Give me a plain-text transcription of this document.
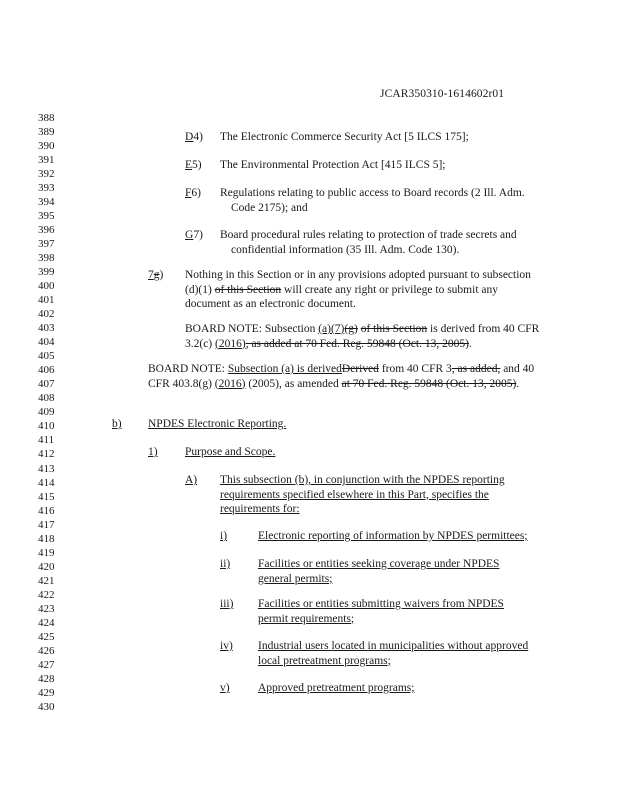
JCAR350310-1614602r01
388
389
390
391
392
393
394
395
396
397
398
399
400
401
402
403
404
405
406
407
408
409
410
411
412
413
414
415
416
417
418
419
420
421
422
423
424
425
426
427
428
429
430
D4) The Electronic Commerce Security Act [5 ILCS 175];
E5) The Environmental Protection Act [415 ILCS 5];
F6) Regulations relating to public access to Board records (2 Ill. Adm. Code 2175); and
G7) Board procedural rules relating to protection of trade secrets and confidential information (35 Ill. Adm. Code 130).
7g) Nothing in this Section or in any provisions adopted pursuant to subsection (d)(1) of this Section will create any right or privilege to submit any document as an electronic document.
BOARD NOTE: Subsection (a)(7)(g) of this Section is derived from 40 CFR 3.2(c) (2016), as added at 70 Fed. Reg. 59848 (Oct. 13, 2005).
BOARD NOTE: Subsection (a) is derivedDerived from 40 CFR 3, as added, and 40 CFR 403.8(g) (2016) (2005), as amended at 70 Fed. Reg. 59848 (Oct. 13, 2005).
b) NPDES Electronic Reporting.
1) Purpose and Scope.
A) This subsection (b), in conjunction with the NPDES reporting requirements specified elsewhere in this Part, specifies the requirements for:
i)	Electronic reporting of information by NPDES permittees;
ii) Facilities or entities seeking coverage under NPDES general permits;
iii) Facilities or entities submitting waivers from NPDES permit requirements;
iv) Industrial users located in municipalities without approved local pretreatment programs;
v) Approved pretreatment programs;
